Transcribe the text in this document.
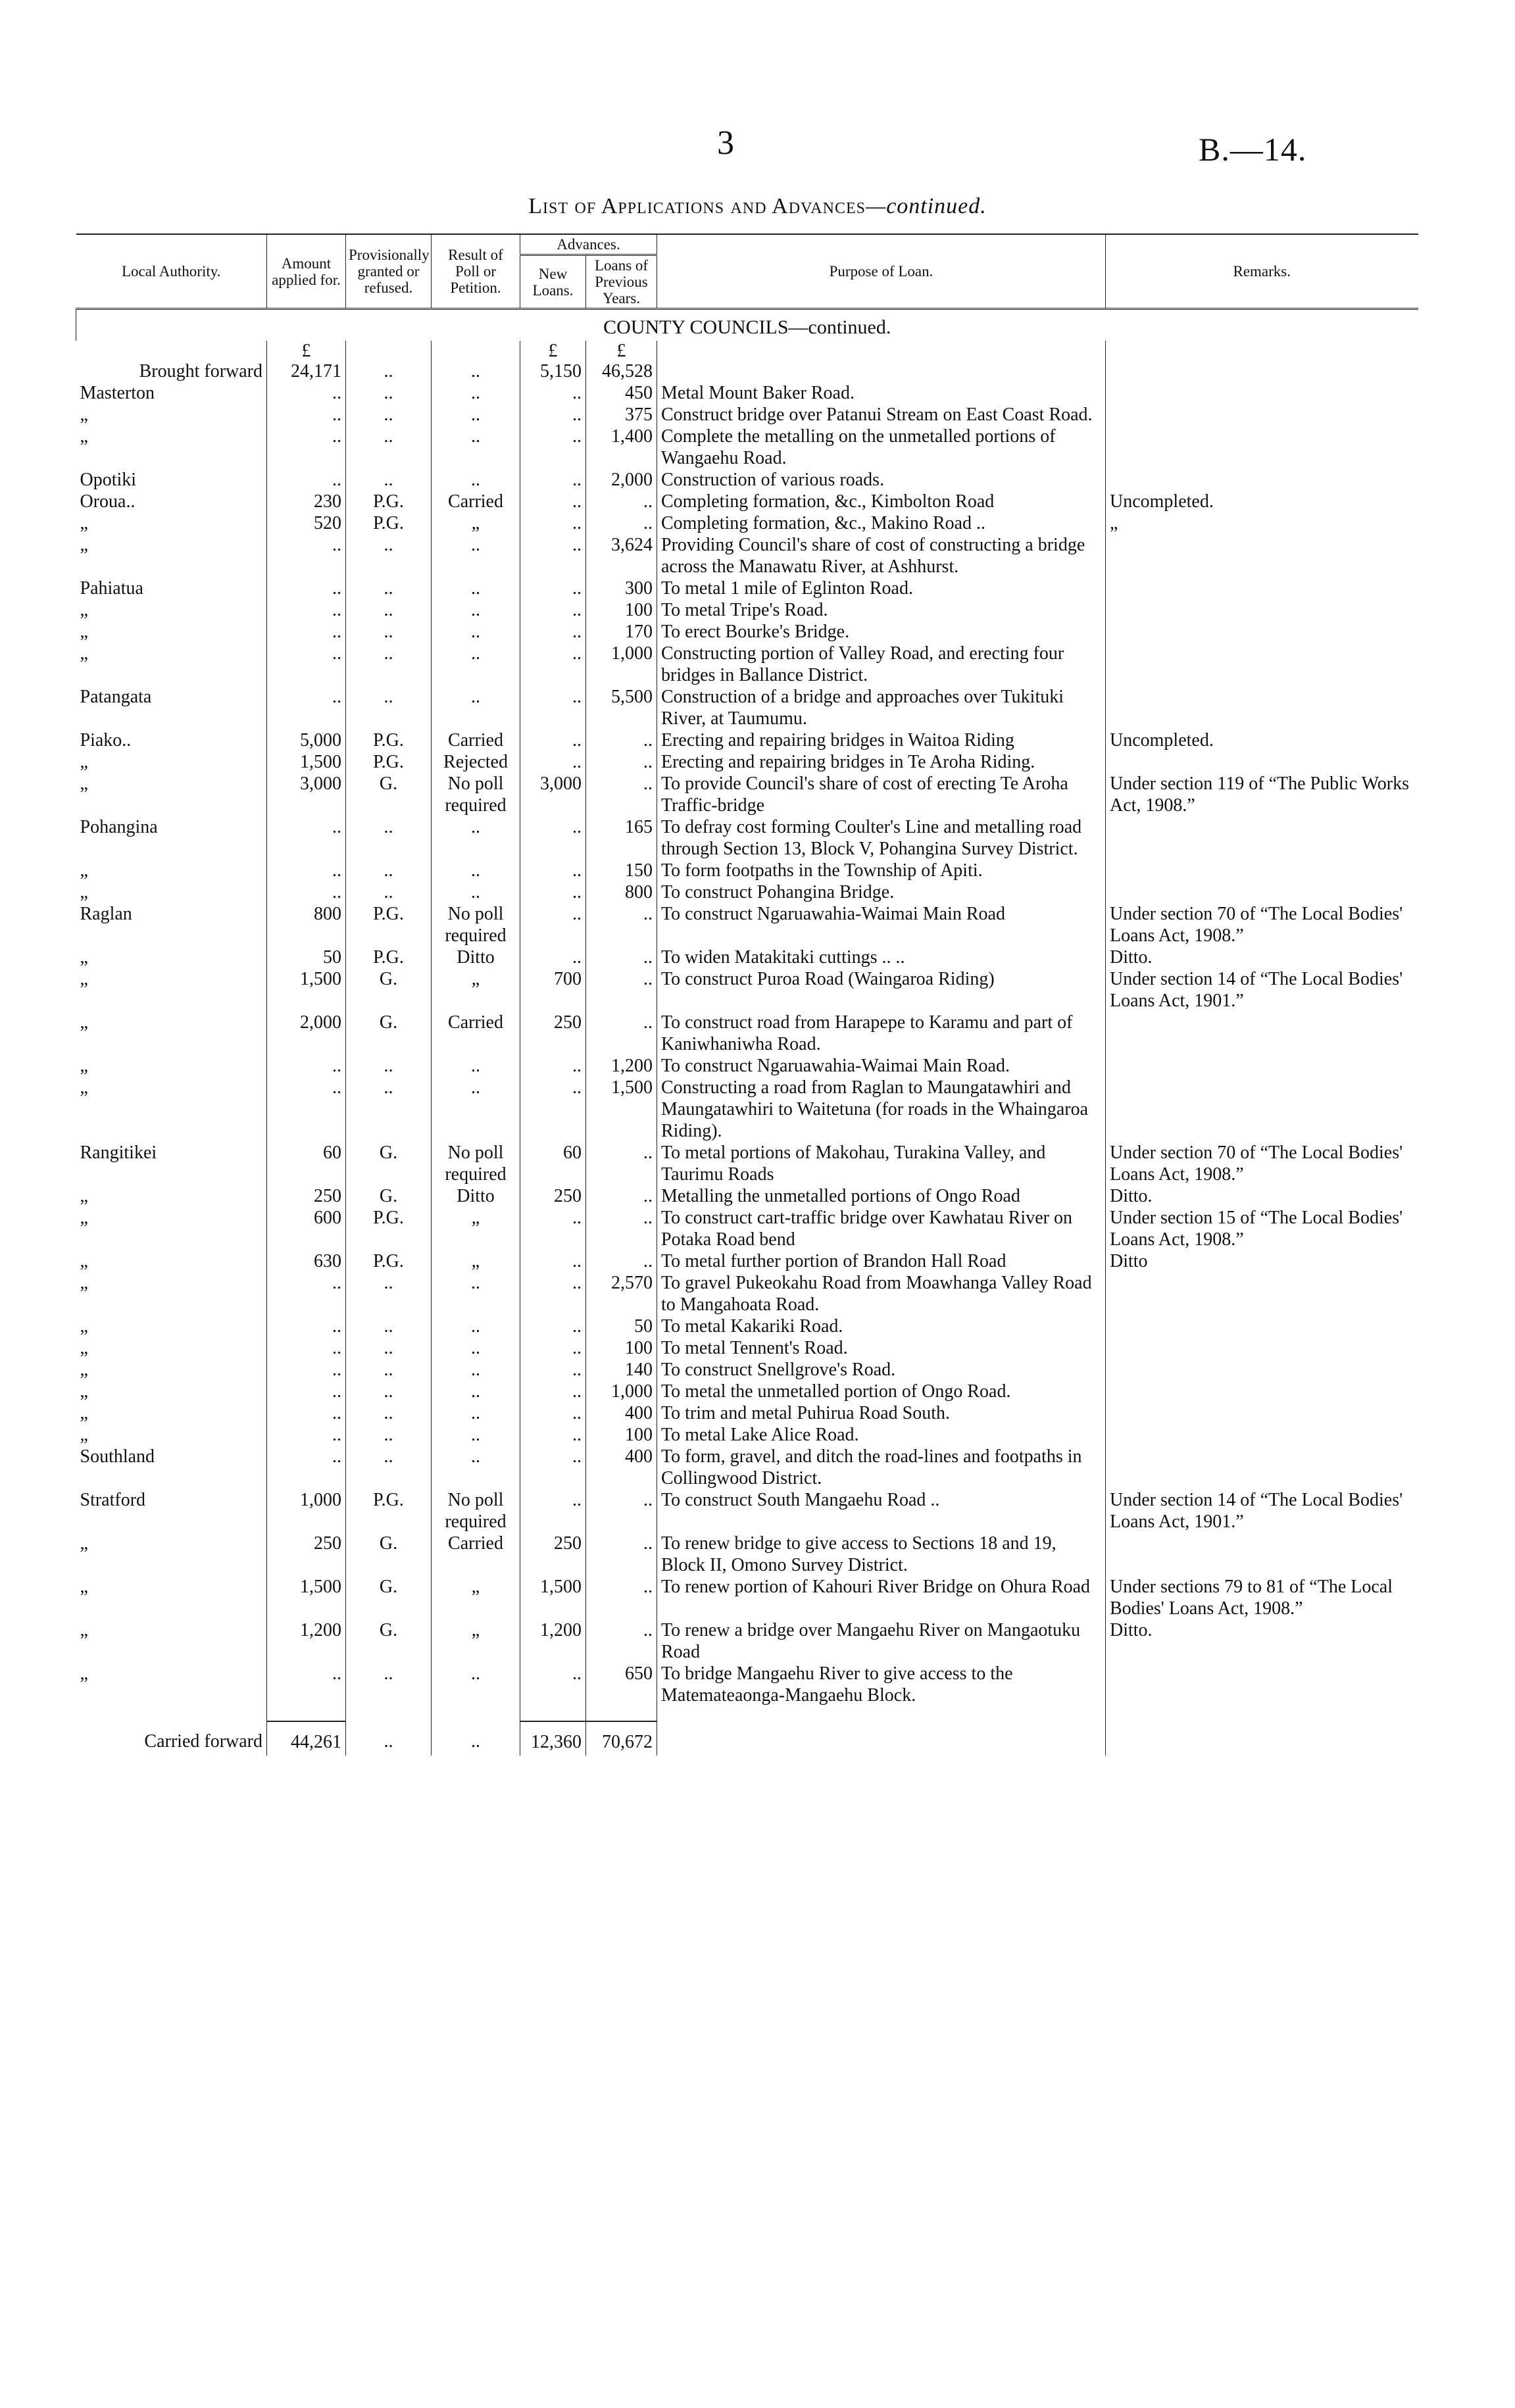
3	B.—14.
List of Applications and Advances—continued.
Local Authority.	Amount applied for.	Provisionally granted or refused.	Result of Poll or Petition.	Advances.		Purpose of Loan.	Remarks.
				New Loans.	Loans of Previous Years.		
COUNTY COUNCILS—continued.							
	£			£	£		
Brought forward	24,171	..	..	5,150	46,528		
Masterton	..	..	..	..	450	Metal Mount Baker Road.	
„	..	..	..	..	375	Construct bridge over Patanui Stream on East Coast Road.	
„	..	..	..	..	1,400	Complete the metalling on the unmetalled portions of Wangaehu Road.	
Opotiki	..	..	..	..	2,000	Construction of various roads.	
Oroua..	230	P.G.	Carried	..	..	Completing formation, &c., Kimbolton Road	Uncompleted.
„	520	P.G.	„	..	..	Completing formation, &c., Makino Road ..	„
„	..	..	..	..	3,624	Providing Council's share of cost of constructing a bridge across the Manawatu River, at Ashhurst.	
Pahiatua	..	..	..	..	300	To metal 1 mile of Eglinton Road.	
„	..	..	..	..	100	To metal Tripe's Road.	
„	..	..	..	..	170	To erect Bourke's Bridge.	
„	..	..	..	..	1,000	Constructing portion of Valley Road, and erecting four bridges in Ballance District.	
Patangata	..	..	..	..	5,500	Construction of a bridge and approaches over Tukituki River, at Taumumu.	
Piako..	5,000	P.G.	Carried	..	..	Erecting and repairing bridges in Waitoa Riding	Uncompleted.
„	1,500	P.G.	Rejected	..	..	Erecting and repairing bridges in Te Aroha Riding.	
„	3,000	G.	No poll required	3,000	..	To provide Council's share of cost of erecting Te Aroha Traffic-bridge	Under section 119 of “The Public Works Act, 1908.”
Pohangina	..	..	..	..	165	To defray cost forming Coulter's Line and metalling road through Section 13, Block V, Pohangina Survey District.	
„	..	..	..	..	150	To form footpaths in the Township of Apiti.	
„	..	..	..	..	800	To construct Pohangina Bridge.	
Raglan	800	P.G.	No poll required	..	..	To construct Ngaruawahia-Waimai Main Road	Under section 70 of “The Local Bodies' Loans Act, 1908.”
„	50	P.G.	Ditto	..	..	To widen Matakitaki cuttings .. ..	Ditto.
„	1,500	G.	„	700	..	To construct Puroa Road (Waingaroa Riding)	Under section 14 of “The Local Bodies' Loans Act, 1901.”
„	2,000	G.	Carried	250	..	To construct road from Harapepe to Karamu and part of Kaniwhaniwha Road.	
„	..	..	..	..	1,200	To construct Ngaruawahia-Waimai Main Road.	
„	..	..	..	..	1,500	Constructing a road from Raglan to Maungatawhiri and Maungatawhiri to Waitetuna (for roads in the Whaingaroa Riding).	
Rangitikei	60	G.	No poll required	60	..	To metal portions of Makohau, Turakina Valley, and Taurimu Roads	Under section 70 of “The Local Bodies' Loans Act, 1908.”
„	250	G.	Ditto	250	..	Metalling the unmetalled portions of Ongo Road	Ditto.
„	600	P.G.	„	..	..	To construct cart-traffic bridge over Kawhatau River on Potaka Road bend	Under section 15 of “The Local Bodies' Loans Act, 1908.”
„	630	P.G.	„	..	..	To metal further portion of Brandon Hall Road	Ditto
„	..	..	..	..	2,570	To gravel Pukeokahu Road from Moawhanga Valley Road to Mangahoata Road.	
„	..	..	..	..	50	To metal Kakariki Road.	
„	..	..	..	..	100	To metal Tennent's Road.	
„	..	..	..	..	140	To construct Snellgrove's Road.	
„	..	..	..	..	1,000	To metal the unmetalled portion of Ongo Road.	
„	..	..	..	..	400	To trim and metal Puhirua Road South.	
„	..	..	..	..	100	To metal Lake Alice Road.	
Southland	..	..	..	..	400	To form, gravel, and ditch the road-lines and footpaths in Collingwood District.	
Stratford	1,000	P.G.	No poll required	..	..	To construct South Mangaehu Road ..	Under section 14 of “The Local Bodies' Loans Act, 1901.”
„	250	G.	Carried	250	..	To renew bridge to give access to Sections 18 and 19, Block II, Omono Survey District.	
„	1,500	G.	„	1,500	..	To renew portion of Kahouri River Bridge on Ohura Road	Under sections 79 to 81 of “The Local Bodies' Loans Act, 1908.”
„	1,200	G.	„	1,200	..	To renew a bridge over Mangaehu River on Mangaotuku Road	Ditto.
„	..	..	..	..	650	To bridge Mangaehu River to give access to the Matemateaonga-Mangaehu Block.	

Carried forward	44,261	..	..	12,360	70,672		
